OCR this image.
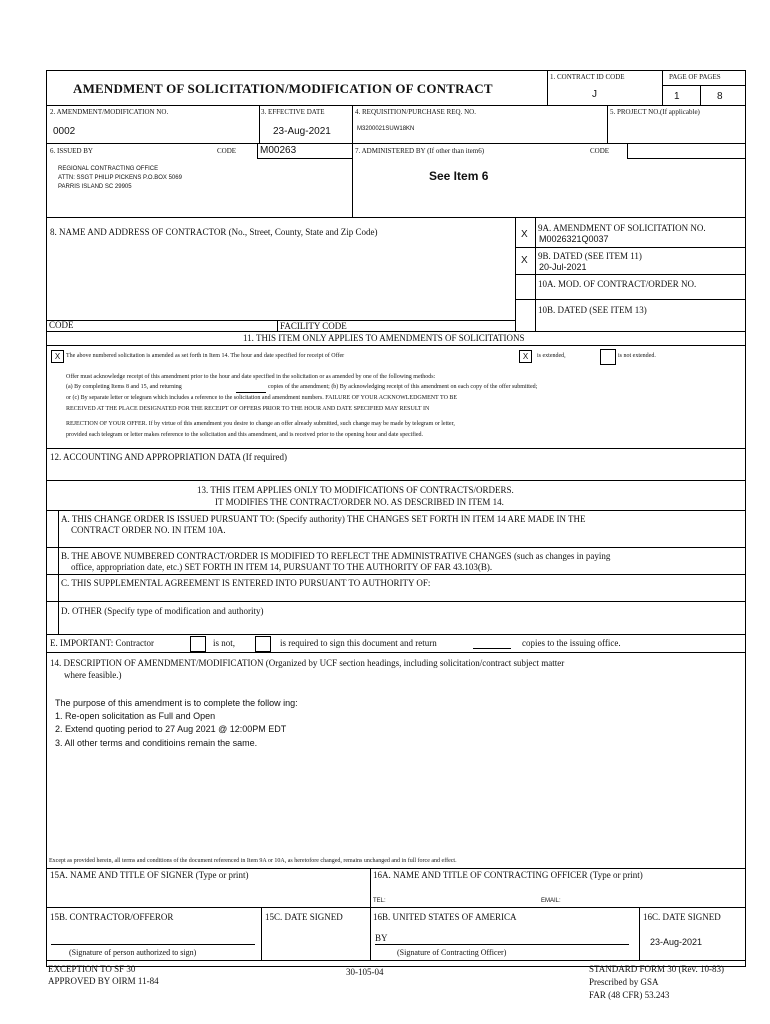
AMENDMENT OF SOLICITATION/MODIFICATION OF CONTRACT
1. CONTRACT ID CODE
J
PAGE OF PAGES
1	8
2. AMENDMENT/MODIFICATION NO.
0002
3. EFFECTIVE DATE
23-Aug-2021
4. REQUISITION/PURCHASE REQ. NO.
M3200021SUW18KN
5. PROJECT NO.(If applicable)
6. ISSUED BY	CODE M00263
REGIONAL CONTRACTING OFFICE
ATTN: SSGT PHILIP PICKENS P.O.BOX 5069
PARRIS ISLAND SC 29905
7. ADMINISTERED BY (If other than item6)	CODE
See Item 6
8. NAME AND ADDRESS OF CONTRACTOR (No., Street, County, State and Zip Code)	X
9A. AMENDMENT OF SOLICITATION NO.
M0026321Q0037
X 9B. DATED (SEE ITEM 11)
20-Jul-2021
10A. MOD. OF CONTRACT/ORDER NO.
10B. DATED (SEE ITEM 13)
CODE	FACILITY CODE
11. THIS ITEM ONLY APPLIES TO AMENDMENTS OF SOLICITATIONS
X The above numbered solicitation is amended as set forth in Item 14. The hour and date specified for receipt of Offer	X	is extended,	is not extended.
Offer must acknowledge receipt of this amendment prior to the hour and date specified in the solicitation or as amended by one of the following methods:
(a) By completing Items 8 and 15, and returning	copies of the amendment; (b) By acknowledging receipt of this amendment on each copy of the offer submitted;
or (c) By separate letter or telegram which includes a reference to the solicitation and amendment numbers. FAILURE OF YOUR ACKNOWLEDGMENT TO BE
RECEIVED AT THE PLACE DESIGNATED FOR THE RECEIPT OF OFFERS PRIOR TO THE HOUR AND DATE SPECIFIED MAY RESULT IN
REJECTION OF YOUR OFFER. If by virtue of this amendment you desire to change an offer already submitted, such change may be made by telegram or letter,
provided each telegram or letter makes reference to the solicitation and this amendment, and is received prior to the opening hour and date specified.
12. ACCOUNTING AND APPROPRIATION DATA (If required)
13. THIS ITEM APPLIES ONLY TO MODIFICATIONS OF CONTRACTS/ORDERS.
IT MODIFIES THE CONTRACT/ORDER NO. AS DESCRIBED IN ITEM 14.
A. THIS CHANGE ORDER IS ISSUED PURSUANT TO: (Specify authority) THE CHANGES SET FORTH IN ITEM 14 ARE MADE IN THE
CONTRACT ORDER NO. IN ITEM 10A.
B. THE ABOVE NUMBERED CONTRACT/ORDER IS MODIFIED TO REFLECT THE ADMINISTRATIVE CHANGES (such as changes in paying
office, appropriation date, etc.) SET FORTH IN ITEM 14, PURSUANT TO THE AUTHORITY OF FAR 43.103(B).
C. THIS SUPPLEMENTAL AGREEMENT IS ENTERED INTO PURSUANT TO AUTHORITY OF:
D. OTHER (Specify type of modification and authority)
E. IMPORTANT: Contractor	is not,	is required to sign this document and return	copies to the issuing office.
14. DESCRIPTION OF AMENDMENT/MODIFICATION (Organized by UCF section headings, including solicitation/contract subject matter
where feasible.)
The purpose of this amendment is to complete the follow ing:
1. Re-open solicitation as Full and Open
2. Extend quoting period to 27 Aug 2021 @ 12:00PM EDT
3. All other terms and conditioins remain the same.
Except as provided herein, all terms and conditions of the document referenced in Item 9A or 10A, as heretofore changed, remains unchanged and in full force and effect.
15A. NAME AND TITLE OF SIGNER (Type or print)	16A. NAME AND TITLE OF CONTRACTING OFFICER (Type or print)
TEL:	EMAIL:
15B. CONTRACTOR/OFFEROR	15C. DATE SIGNED	16B. UNITED STATES OF AMERICA
BY
16C. DATE SIGNED
23-Aug-2021
(Signature of person authorized to sign)	(Signature of Contracting Officer)
EXCEPTION TO SF 30
APPROVED BY OIRM 11-84
30-105-04	STANDARD FORM 30 (Rev. 10-83)
Prescribed by GSA
FAR (48 CFR) 53.243
